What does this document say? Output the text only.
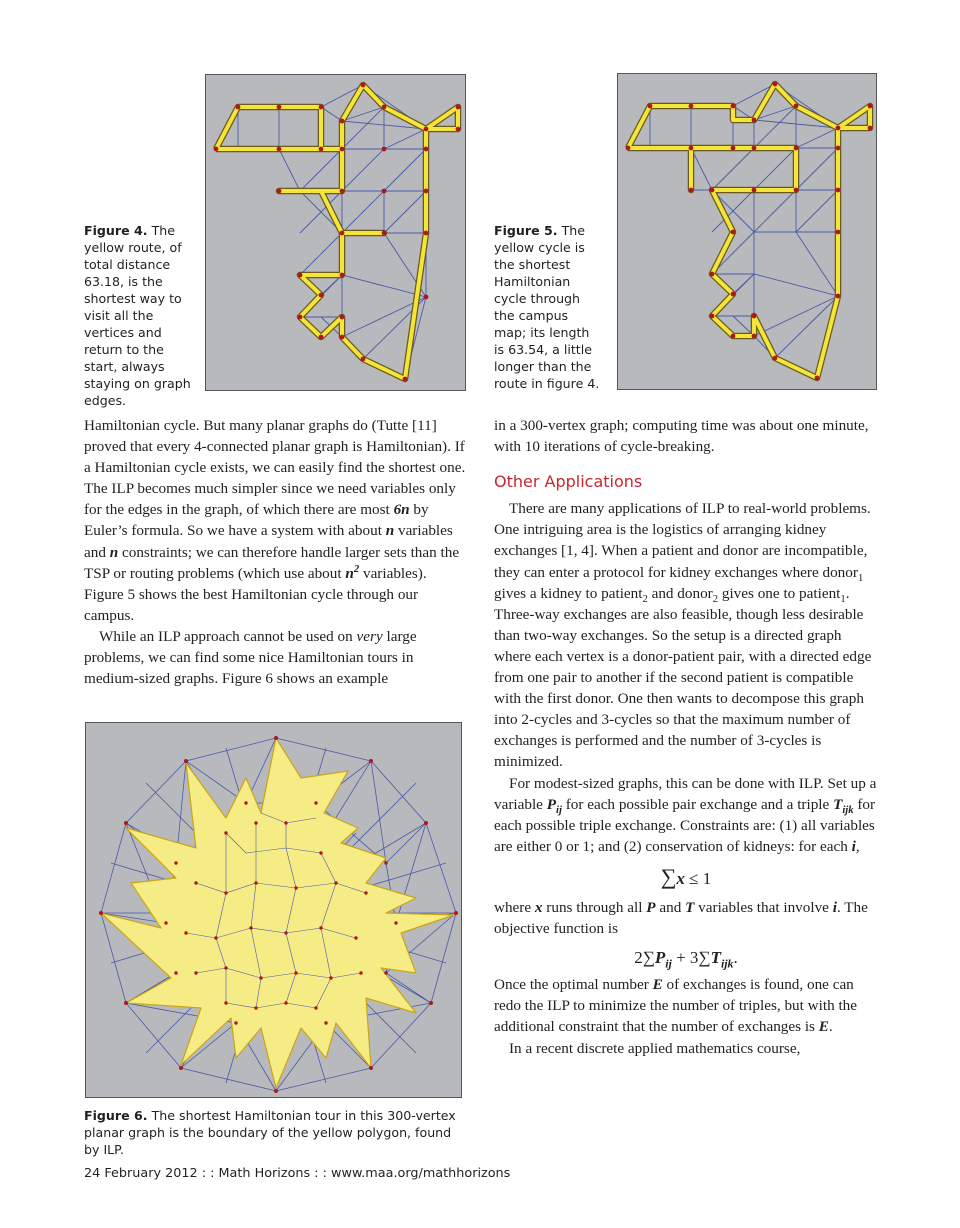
Figure 4. The yellow route, of total distance 63.18, is the shortest way to visit all the vertices and return to the start, always staying on graph edges.
Figure 5. The yellow cycle is the shortest Hamiltonian cycle through the campus map; its length is 63.54, a little longer than the route in figure 4.

Hamiltonian cycle. But many planar graphs do (Tutte [11] proved that every 4-connected planar graph is Hamiltonian). If a Hamiltonian cycle exists, we can easily find the shortest one. The ILP becomes much simpler since we need variables only for the edges in the graph, of which there are most 6n by Euler’s formula. So we have a system with about n variables and n constraints; we can therefore handle larger sets than the TSP or routing problems (which use about $n^2$ variables). Figure 5 shows the best Hamiltonian cycle through our campus.

While an ILP approach cannot be used on very large problems, we can find some nice Hamiltonian tours in medium-sized graphs. Figure 6 shows an example

Figure 6. The shortest Hamiltonian tour in this 300-vertex planar graph is the boundary of the yellow polygon, found by ILP.

in a 300-vertex graph; computing time was about one minute, with 10 iterations of cycle-breaking.

Other Applications

There are many applications of ILP to real-world problems. One intriguing area is the logistics of arranging kidney exchanges [1, 4]. When a patient and donor are incompatible, they can enter a protocol for kidney exchanges where donor$_1$ gives a kidney to patient$_2$ and donor$_2$ gives one to patient$_1$. Three-way exchanges are also feasible, though less desirable than two-way exchanges. So the setup is a directed graph where each vertex is a donor-patient pair, with a directed edge from one pair to another if the second patient is compatible with the first donor. One then wants to decompose this graph into 2-cycles and 3-cycles so that the maximum number of exchanges is performed and the number of 3-cycles is minimized.

For modest-sized graphs, this can be done with ILP. Set up a variable $P_{ij}$ for each possible pair exchange and a triple $T_{ijk}$ for each possible triple exchange. Constraints are: (1) all variables are either 0 or 1; and (2) conservation of kidneys: for each i,

∑x ≤ 1

where x runs through all P and T variables that involve i. The objective function is

$2\sum P_{ij} + 3\sum T_{ijk}$.

Once the optimal number E of exchanges is found, one can redo the ILP to minimize the number of triples, but with the additional constraint that the number of exchanges is E.

In a recent discrete applied mathematics course,

24 February 2012 : : Math Horizons : : www.maa.org/mathhorizons
